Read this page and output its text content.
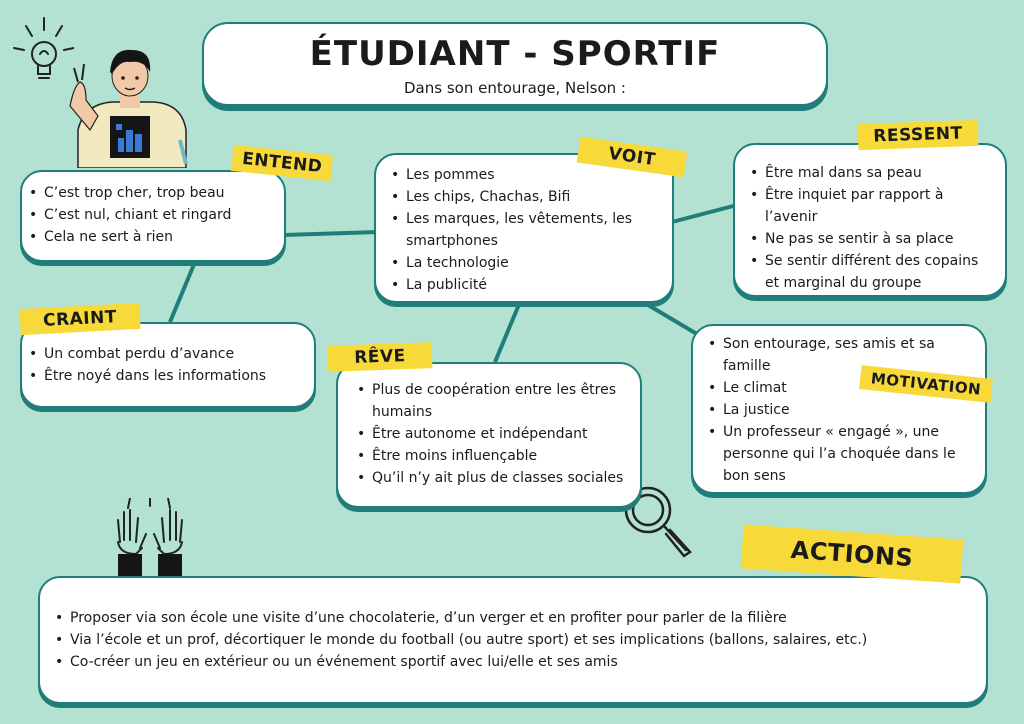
ÉTUDIANT - SPORTIF
Dans son entourage, Nelson :
• C’est trop cher, trop beau
• C’est nul, chiant et ringard
• Cela ne sert à rien
ENTEND
•	Les pommes
• Les chips, Chachas, Bifi
• Les marques, les vêtements, les smartphones
• La technologie
• La publicité
VOIT
• Être mal dans sa peau
• Être inquiet par rapport à l’avenir
• Ne pas se sentir à sa place
• Se sentir différent des copains et marginal du groupe
RESSENT
• Un combat perdu d’avance
• Être noyé dans les informations
CRAINT
• Plus de coopération entre les êtres humains
• Être autonome et indépendant
• Être moins influençable
• Qu’il n’y ait plus de classes sociales
RÊVE
• Son entourage, ses amis et sa famille
• Le climat
• La justice
• Un professeur « engagé », une personne qui l’a choquée dans le bon sens
MOTIVATION
• Proposer via son école une visite d’une chocolaterie, d’un verger et en profiter pour parler de la filière
• Via l’école et un prof, décortiquer le monde du football (ou autre sport) et ses implications (ballons, salaires, etc.)
• Co-créer un jeu en extérieur ou un événement sportif avec lui/elle et ses amis
ACTIONS
